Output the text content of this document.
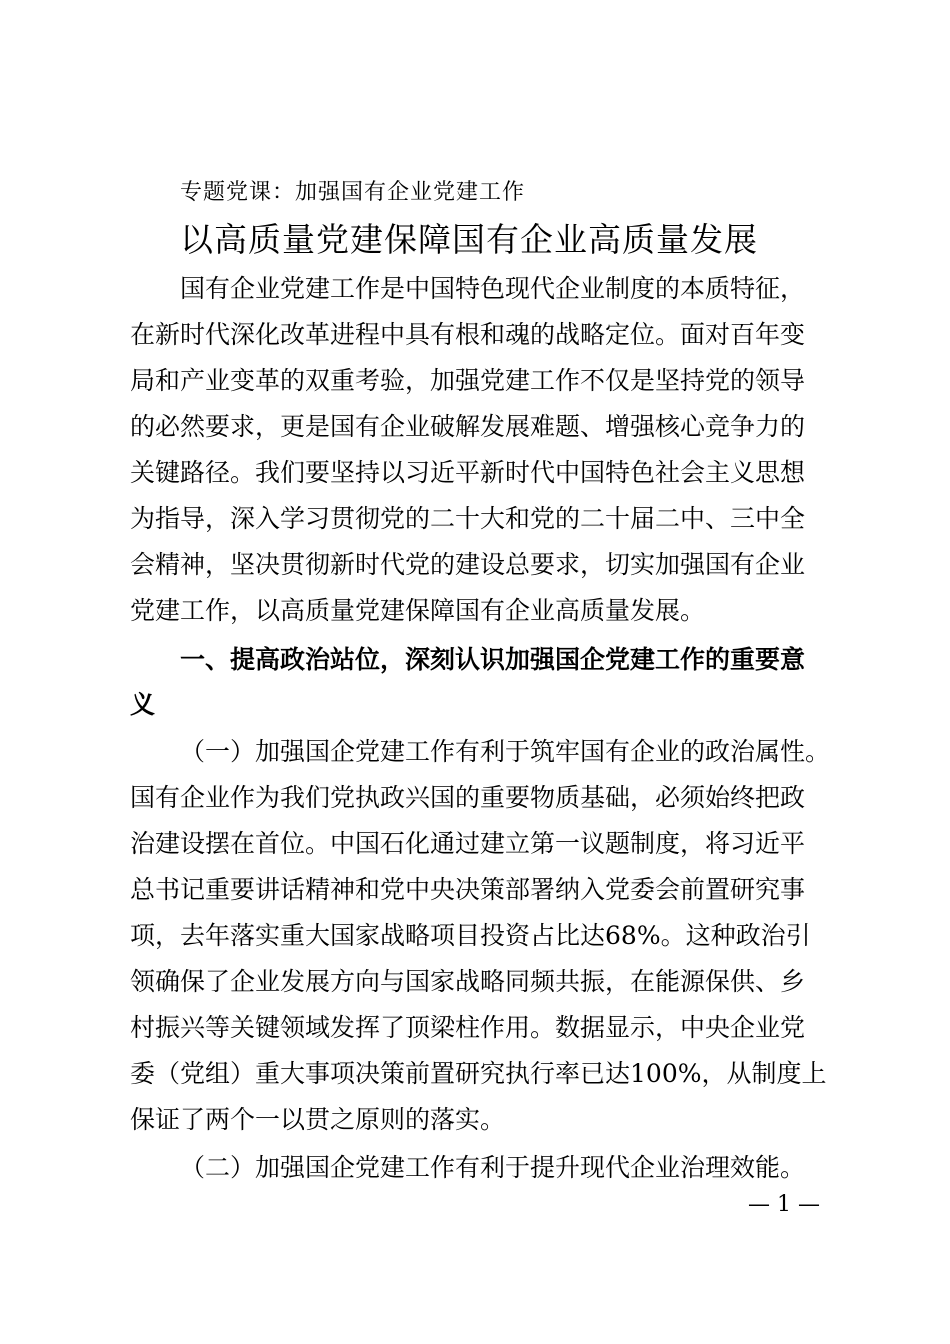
专题党课：加强国有企业党建工作
以高质量党建保障国有企业高质量发展
国有企业党建工作是中国特色现代企业制度的本质特征，
在新时代深化改革进程中具有根和魂的战略定位。面对百年变
局和产业变革的双重考验，加强党建工作不仅是坚持党的领导
的必然要求，更是国有企业破解发展难题、增强核心竞争力的
关键路径。我们要坚持以习近平新时代中国特色社会主义思想
为指导，深入学习贯彻党的二十大和党的二十届二中、三中全
会精神，坚决贯彻新时代党的建设总要求，切实加强国有企业
党建工作，以高质量党建保障国有企业高质量发展。
一、提高政治站位，深刻认识加强国企党建工作的重要意
义
（一）加强国企党建工作有利于筑牢国有企业的政治属性。
国有企业作为我们党执政兴国的重要物质基础，必须始终把政
治建设摆在首位。中国石化通过建立第一议题制度，将习近平
总书记重要讲话精神和党中央决策部署纳入党委会前置研究事
项，去年落实重大国家战略项目投资占比达68%。这种政治引
领确保了企业发展方向与国家战略同频共振，在能源保供、乡
村振兴等关键领域发挥了顶梁柱作用。数据显示，中央企业党
委（党组）重大事项决策前置研究执行率已达100%，从制度上
保证了两个一以贯之原则的落实。
（二）加强国企党建工作有利于提升现代企业治理效能。
— 1 —
